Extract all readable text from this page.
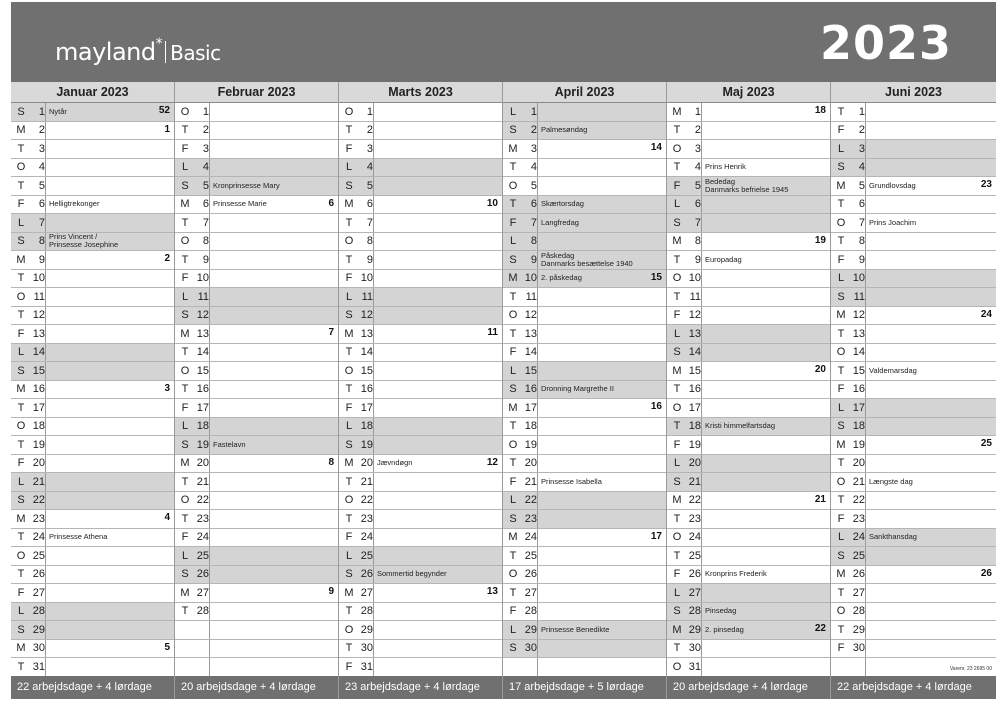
mayland* Basic	2023
Januar 2023
S	1 Nytår	52
M	2	1
T	3
O	4
T	5
F	6 Helligtrekonger
L	7
S	8 Prins Vincent /
Prinsesse Josephine
M	9	2
T 10
O 11
T 12
F 13
L 14
S 15
M 16	3
T 17
O 18
T 19
F 20
L 21
S 22
M 23	4
T 24 Prinsesse Athena
O 25
T 26
F 27
L 28
S 29
M 30	5
T 31
22 arbejdsdage + 4 lørdage
Februar 2023
O	1
T	2
F	3
L	4
S	5 Kronprinsesse Mary
M	6 Prinsesse Marie	6
T	7
O	8
T	9
F 10
L 11
S 12
M 13	7
T 14
O 15
T 16
F 17
L 18
S 19 Fastelavn
M 20	8
T 21
O 22
T 23
F 24
L 25
S 26
M 27	9
T 28
20 arbejdsdage + 4 lørdage
Marts 2023
O	1
T	2
F	3
L	4
S	5
M	6	10
T	7
O	8
T	9
F 10
L 11
S 12
M 13	11
T 14
O 15
T 16
F 17
L 18
S 19
M 20 Jævndøgn	12
T 21
O 22
T 23
F 24
L 25
S 26 Sommertid begynder
M 27	13
T 28
O 29
T 30
F 31
23 arbejdsdage + 4 lørdage
April 2023
L	1
S	2 Palmesøndag
M	3	14
T	4
O	5
T	6 Skærtorsdag
F	7 Langfredag
L	8
S	9 Påskedag
Danmarks besættelse 1940
M 10 2. påskedag	15
T 11
O 12
T 13
F 14
L 15
S 16 Dronning Margrethe II
M 17	16
T 18
O 19
T 20
F 21 Prinsesse Isabella
L 22
S 23
M 24	17
T 25
O 26
T 27
F 28
L 29 Prinsesse Benedikte
S 30
17 arbejdsdage + 5 lørdage
Maj 2023
M	1	18
T	2
O	3
T	4 Prins Henrik
F	5 Bededag
Danmarks befrielse 1945
L	6
S	7
M	8	19
T	9 Europadag
O 10
T 11
F 12
L 13
S 14
M 15	20
T 16
O 17
T 18 Kristi himmelfartsdag
F 19
L 20
S 21
M 22	21
T 23
O 24
T 25
F 26 Kronprins Frederik
L 27
S 28 Pinsedag
M 29 2. pinsedag	22
T 30
O 31
20 arbejdsdage + 4 lørdage
Juni 2023
T	1
F	2
L	3
S	4
M	5 Grundlovsdag	23
T	6
O	7 Prins Joachim
T	8
F	9
L 10
S 11
M 12	24
T 13
O 14
T 15 Valdemarsdag
F 16
L 17
S 18
M 19	25
T 20
O 21 Længste dag
T 22
F 23
L 24 Sankthansdag
S 25
M 26	26
T 27
O 28
T 29
F 30
Varenr. 23 2695 00
22 arbejdsdage + 4 lørdage
